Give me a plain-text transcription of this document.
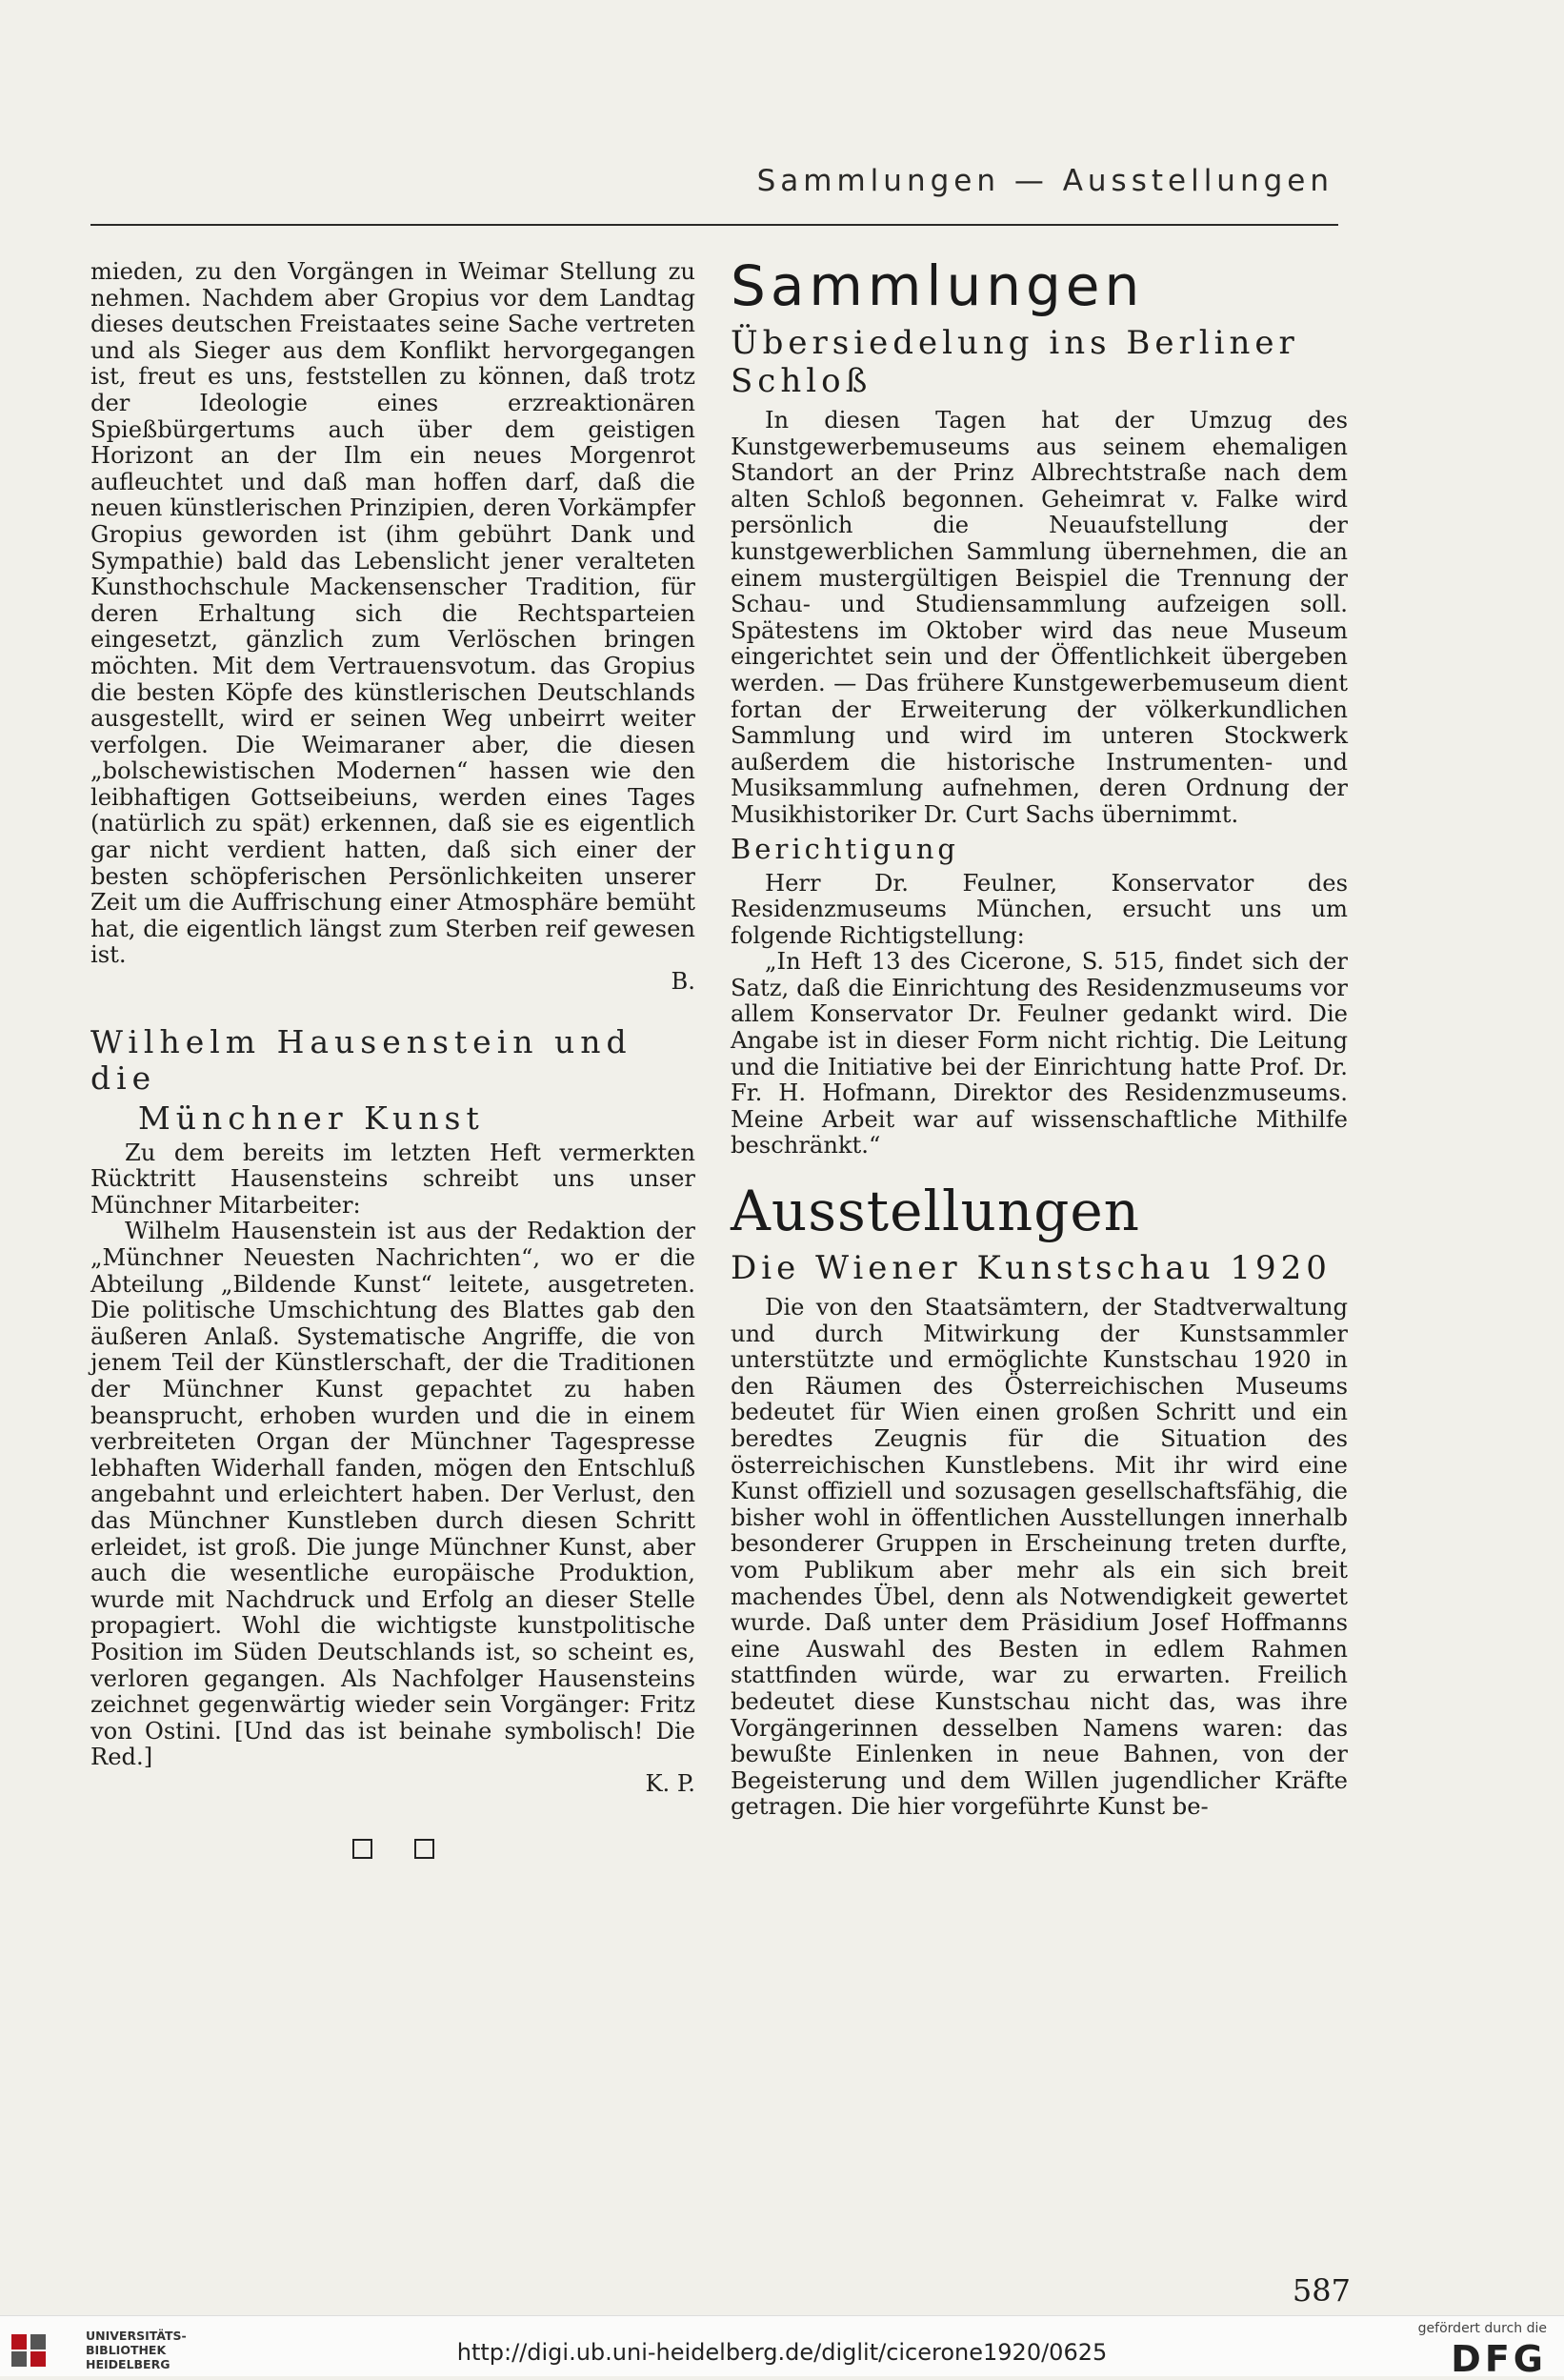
Sammlungen — Ausstellungen

mieden, zu den Vorgängen in Weimar Stellung zu nehmen. Nachdem aber Gropius vor dem Landtag dieses deutschen Freistaates seine Sache vertreten und als Sieger aus dem Konflikt hervorgegangen ist, freut es uns, feststellen zu können, daß trotz der Ideologie eines erzreaktionären Spießbürgertums auch über dem geistigen Horizont an der Ilm ein neues Morgenrot aufleuchtet und daß man hoffen darf, daß die neuen künstlerischen Prinzipien, deren Vorkämpfer Gropius geworden ist (ihm gebührt Dank und Sympathie) bald das Lebenslicht jener veralteten Kunsthochschule Mackensenscher Tradition, für deren Erhaltung sich die Rechtsparteien eingesetzt, gänzlich zum Verlöschen bringen möchten. Mit dem Vertrauensvotum. das Gropius die besten Köpfe des künstlerischen Deutschlands ausgestellt, wird er seinen Weg unbeirrt weiter verfolgen. Die Weimaraner aber, die diesen „bolschewistischen Modernen“ hassen wie den leibhaftigen Gottseibeiuns, werden eines Tages (natürlich zu spät) erkennen, daß sie es eigentlich gar nicht verdient hatten, daß sich einer der besten schöpferischen Persönlichkeiten unserer Zeit um die Auffrischung einer Atmosphäre bemüht hat, die eigentlich längst zum Sterben reif gewesen ist.

B.
Wilhelm Hausenstein und die
Münchner Kunst

Zu dem bereits im letzten Heft vermerkten Rücktritt Hausensteins schreibt uns unser Münchner Mitarbeiter:

Wilhelm Hausenstein ist aus der Redaktion der „Münchner Neuesten Nachrichten“, wo er die Abteilung „Bildende Kunst“ leitete, ausgetreten. Die politische Umschichtung des Blattes gab den äußeren Anlaß. Systematische Angriffe, die von jenem Teil der Künstlerschaft, der die Traditionen der Münchner Kunst gepachtet zu haben beansprucht, erhoben wurden und die in einem verbreiteten Organ der Münchner Tagespresse lebhaften Widerhall fanden, mögen den Entschluß angebahnt und erleichtert haben. Der Verlust, den das Münchner Kunstleben durch diesen Schritt erleidet, ist groß. Die junge Münchner Kunst, aber auch die wesentliche europäische Produktion, wurde mit Nachdruck und Erfolg an dieser Stelle propagiert. Wohl die wichtigste kunstpolitische Position im Süden Deutschlands ist, so scheint es, verloren gegangen. Als Nachfolger Hausensteins zeichnet gegenwärtig wieder sein Vorgänger: Fritz von Ostini. [Und das ist beinahe symbolisch! Die Red.]

K. P.
Sammlungen
Übersiedelung ins Berliner Schloß

In diesen Tagen hat der Umzug des Kunstgewerbemuseums aus seinem ehemaligen Standort an der Prinz Albrechtstraße nach dem alten Schloß begonnen. Geheimrat v. Falke wird persönlich die Neuaufstellung der kunstgewerblichen Sammlung übernehmen, die an einem mustergültigen Beispiel die Trennung der Schau- und Studiensammlung aufzeigen soll. Spätestens im Oktober wird das neue Museum eingerichtet sein und der Öffentlichkeit übergeben werden. — Das frühere Kunstgewerbemuseum dient fortan der Erweiterung der völkerkundlichen Sammlung und wird im unteren Stockwerk außerdem die historische Instrumenten- und Musiksammlung aufnehmen, deren Ordnung der Musikhistoriker Dr. Curt Sachs übernimmt.

Berichtigung

Herr Dr. Feulner, Konservator des Residenzmuseums München, ersucht uns um folgende Richtigstellung:

„In Heft 13 des Cicerone, S. 515, findet sich der Satz, daß die Einrichtung des Residenzmuseums vor allem Konservator Dr. Feulner gedankt wird. Die Angabe ist in dieser Form nicht richtig. Die Leitung und die Initiative bei der Einrichtung hatte Prof. Dr. Fr. H. Hofmann, Direktor des Residenzmuseums. Meine Arbeit war auf wissenschaftliche Mithilfe beschränkt.“

Ausstellungen
Die Wiener Kunstschau 1920

Die von den Staatsämtern, der Stadtverwaltung und durch Mitwirkung der Kunstsammler unterstützte und ermöglichte Kunstschau 1920 in den Räumen des Österreichischen Museums bedeutet für Wien einen großen Schritt und ein beredtes Zeugnis für die Situation des österreichischen Kunstlebens. Mit ihr wird eine Kunst offiziell und sozusagen gesellschaftsfähig, die bisher wohl in öffentlichen Ausstellungen innerhalb besonderer Gruppen in Erscheinung treten durfte, vom Publikum aber mehr als ein sich breit machendes Übel, denn als Notwendigkeit gewertet wurde. Daß unter dem Präsidium Josef Hoffmanns eine Auswahl des Besten in edlem Rahmen stattfinden würde, war zu erwarten. Freilich bedeutet diese Kunstschau nicht das, was ihre Vorgängerinnen desselben Namens waren: das bewußte Einlenken in neue Bahnen, von der Begeisterung und dem Willen jugendlicher Kräfte getragen. Die hier vorgeführte Kunst be-

587
UNIVERSITÄTS-
BIBLIOTHEK
HEIDELBERG	http://digi.ub.uni-heidelberg.de/diglit/cicerone1920/0625
gefördert durch die
DFG
